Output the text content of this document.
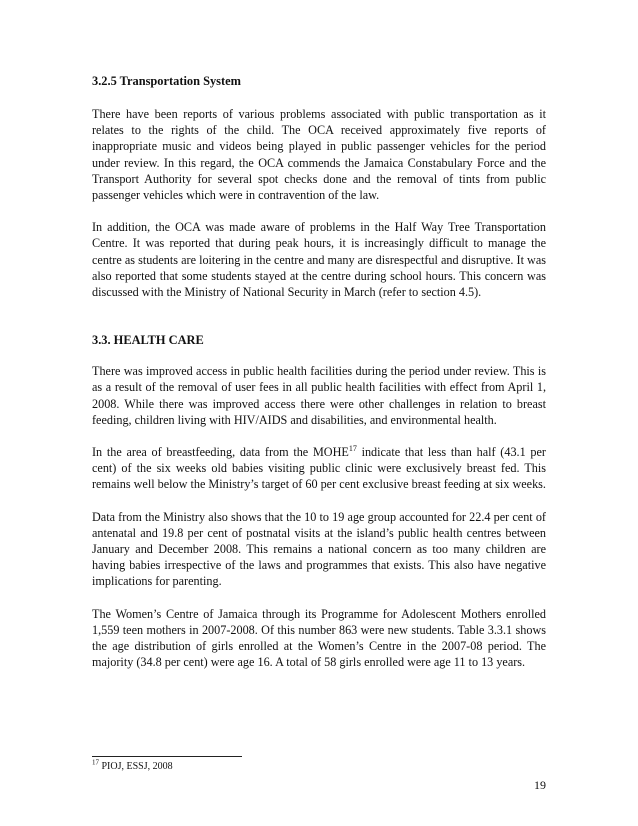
3.2.5 Transportation System

There have been reports of various problems associated with public transportation as it relates to the rights of the child. The OCA received approximately five reports of inappropriate music and videos being played in public passenger vehicles for the period under review. In this regard, the OCA commends the Jamaica Constabulary Force and the Transport Authority for several spot checks done and the removal of tints from public passenger vehicles which were in contravention of the law.

In addition, the OCA was made aware of problems in the Half Way Tree Transportation Centre. It was reported that during peak hours, it is increasingly difficult to manage the centre as students are loitering in the centre and many are disrespectful and disruptive. It was also reported that some students stayed at the centre during school hours. This concern was discussed with the Ministry of National Security in March (refer to section 4.5).

3.3. HEALTH CARE

There was improved access in public health facilities during the period under review. This is as a result of the removal of user fees in all public health facilities with effect from April 1, 2008. While there was improved access there were other challenges in relation to breast feeding, children living with HIV/AIDS and disabilities, and environmental health.

In the area of breastfeeding, data from the MOHE$^{17}$ indicate that less than half (43.1 per cent) of the six weeks old babies visiting public clinic were exclusively breast fed. This remains well below the Ministry’s target of 60 per cent exclusive breast feeding at six weeks.

Data from the Ministry also shows that the 10 to 19 age group accounted for 22.4 per cent of antenatal and 19.8 per cent of postnatal visits at the island’s public health centres between January and December 2008. This remains a national concern as too many children are having babies irrespective of the laws and programmes that exists. This also have negative implications for parenting.

The Women’s Centre of Jamaica through its Programme for Adolescent Mothers enrolled 1,559 teen mothers in 2007-2008. Of this number 863 were new students. Table 3.3.1 shows the age distribution of girls enrolled at the Women’s Centre in the 2007-08 period. The majority (34.8 per cent) were age 16. A total of 58 girls enrolled were age 11 to 13 years.

$^{17}$ PIOJ, ESSJ, 2008
19
